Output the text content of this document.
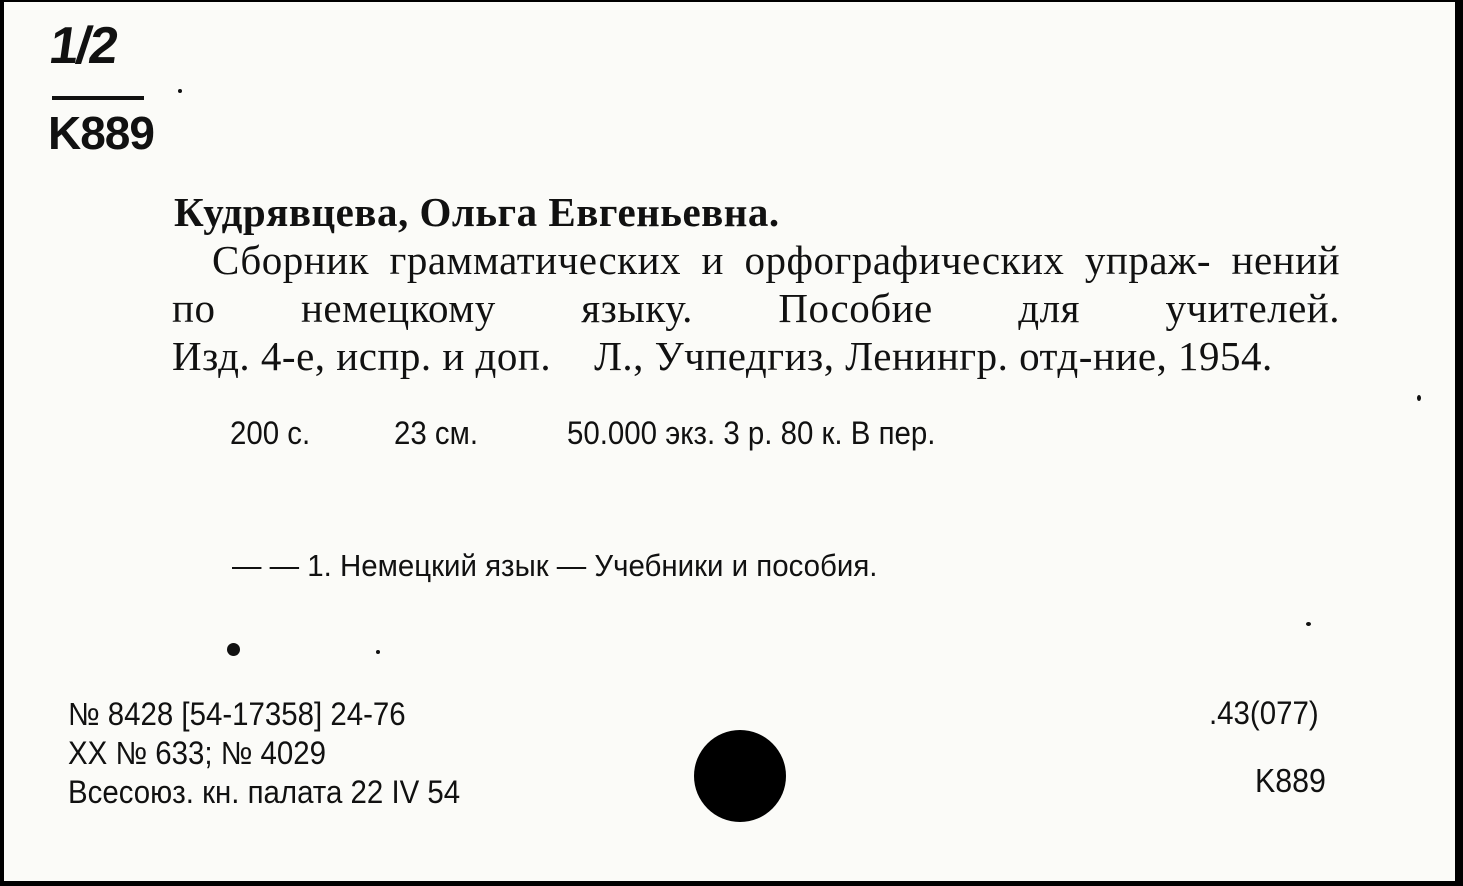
1/2
K889
Кудрявцева, Ольга Евгеньевна.
Сборник грамматических и орфографических упраж- нений по немецкому языку. Пособие для учителей. Изд. 4-е, испр. и доп.    Л., Учпедгиз, Ленингр. отд-ние, 1954.
200 с.	23 см.	50.000 экз. 3 р. 80 к. В пер.
— — 1. Немецкий язык — Учебники и пособия.
№ 8428 [54-17358] 24-76
XX № 633; № 4029
Всесоюз. кн. палата 22 IV 54
.43(077)
K889
